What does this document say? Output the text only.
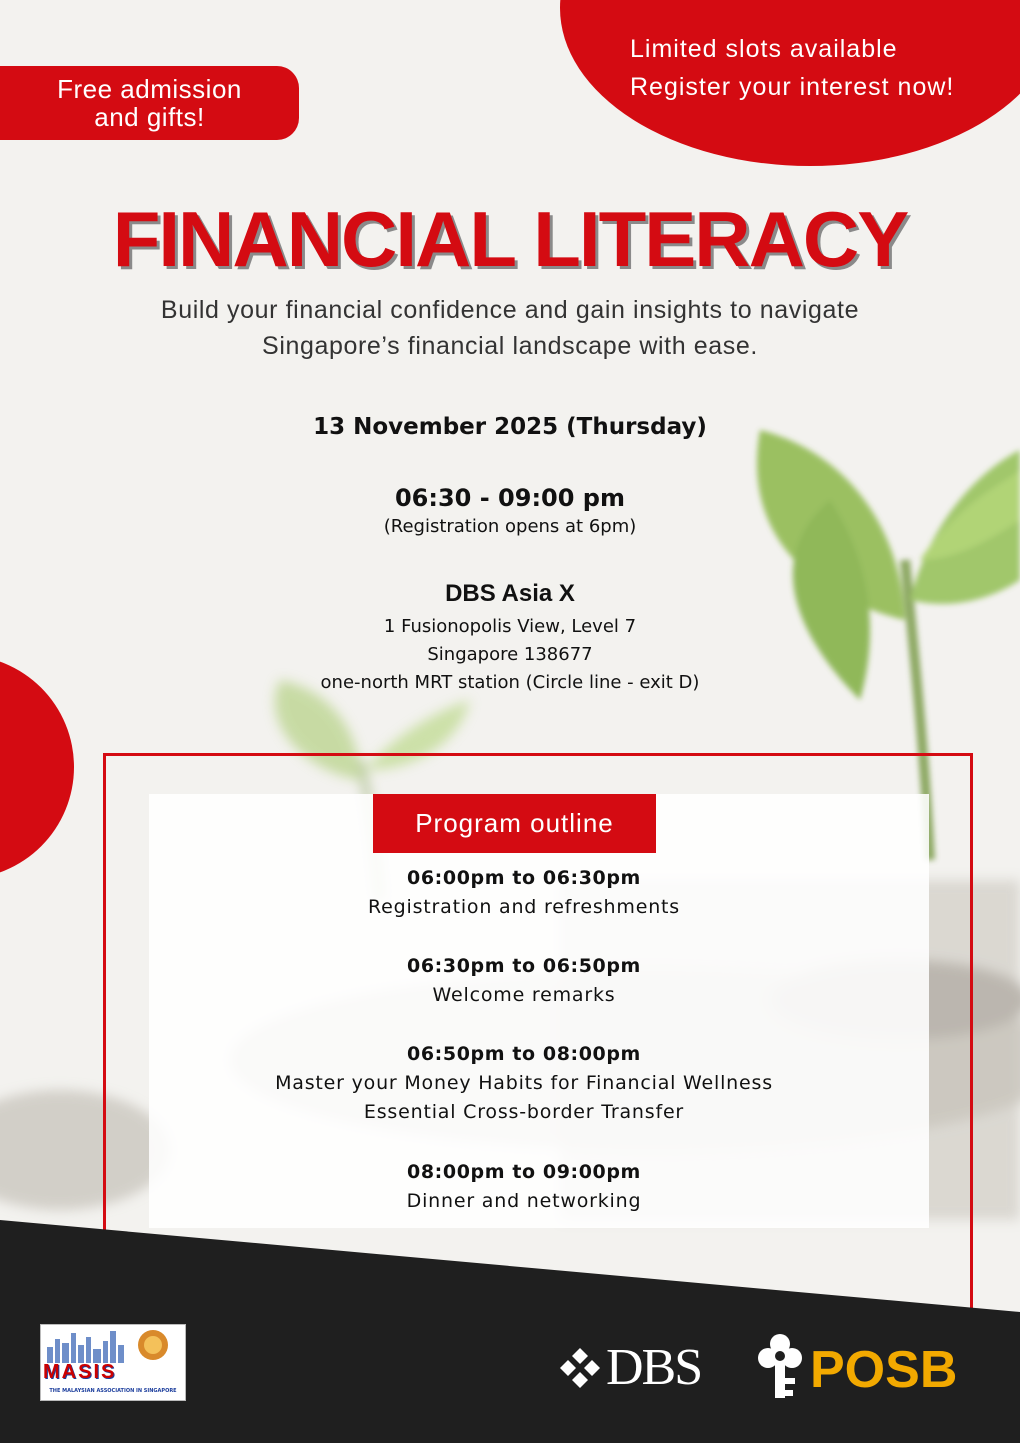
Limited slots available
Register your interest now!
Free admission
and gifts!
FINANCIAL LITERACY
Build your financial confidence and gain insights to navigate
Singapore’s financial landscape with ease.
13 November 2025 (Thursday)
06:30 - 09:00 pm
(Registration opens at 6pm)
DBS Asia X
1 Fusionopolis View, Level 7
Singapore 138677
one-north MRT station (Circle line - exit D)
Program outline
06:00pm to 06:30pm
Registration and refreshments
06:30pm to 06:50pm
Welcome remarks
06:50pm to 08:00pm
Master your Money Habits for Financial Wellness
Essential Cross-border Transfer
08:00pm to 09:00pm
Dinner and networking
MASIS
THE MALAYSIAN ASSOCIATION IN SINGAPORE	DBS POSB
